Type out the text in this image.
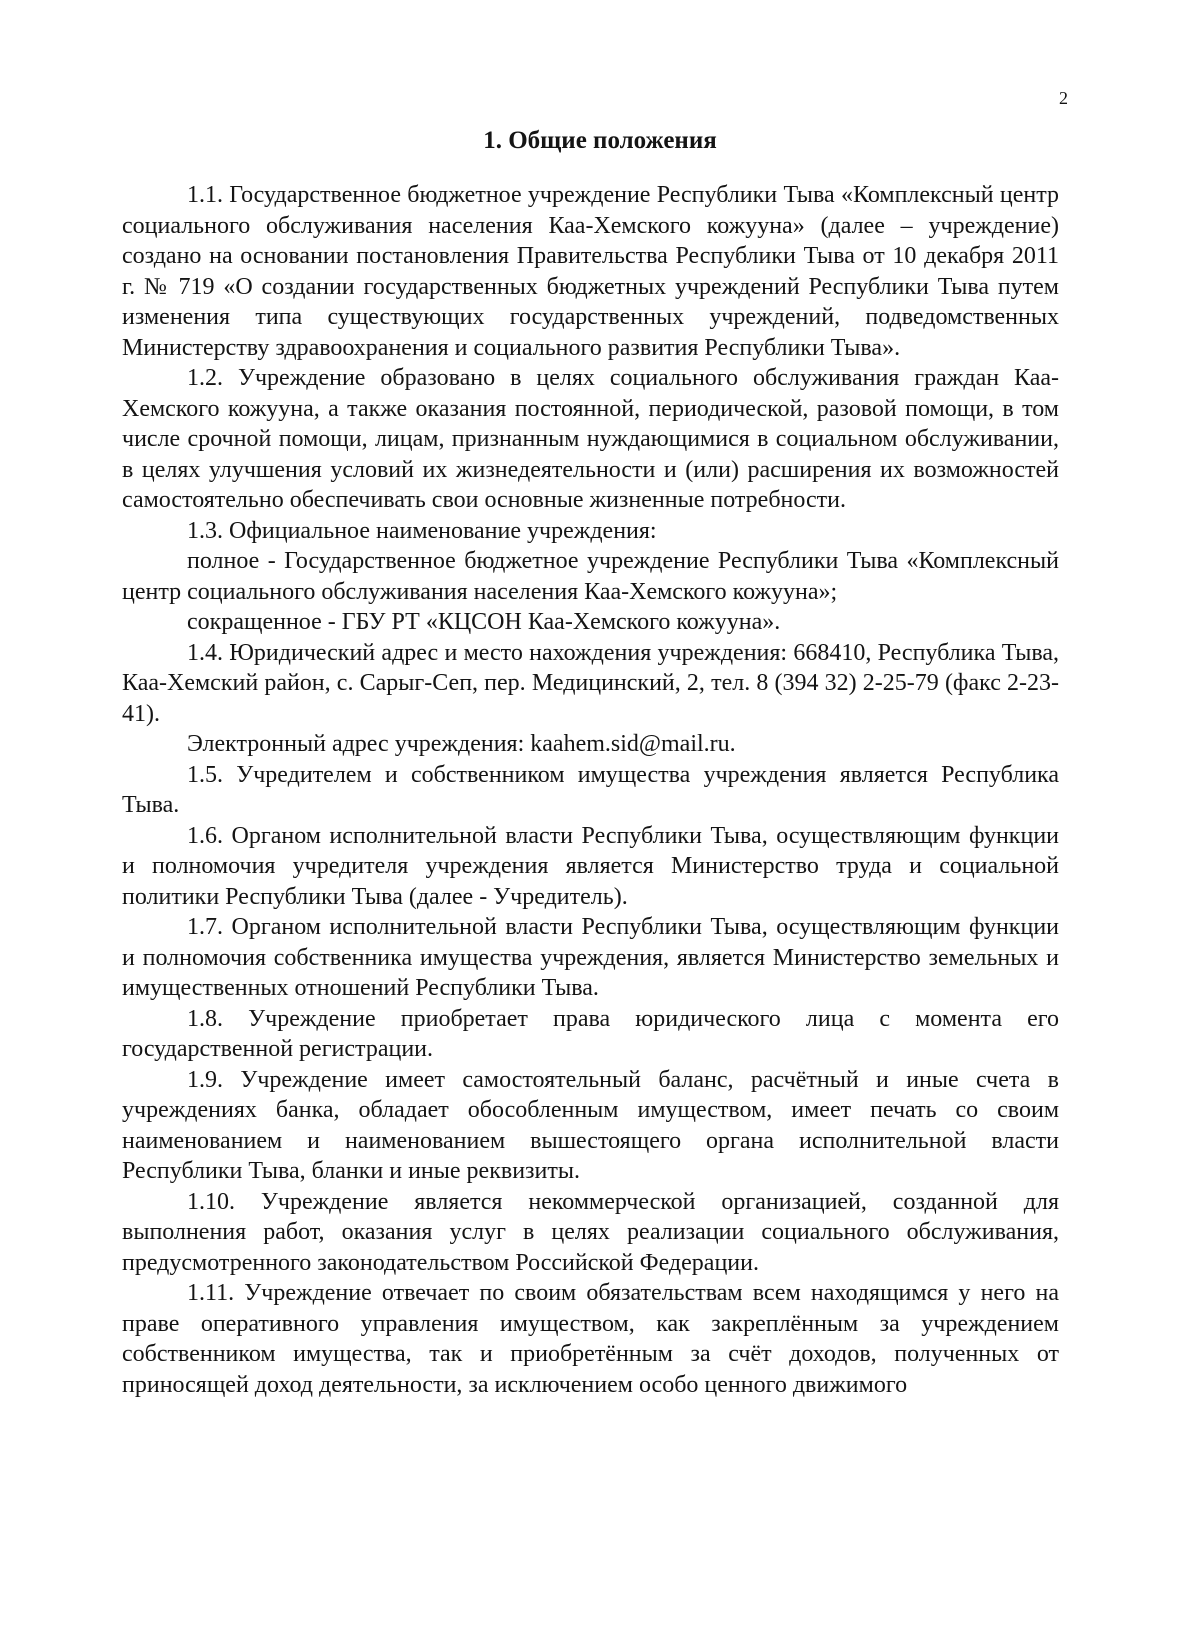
2
1. Общие положения

1.1. Государственное бюджетное учреждение Республики Тыва «Комплексный центр социального обслуживания населения Каа-Хемского кожууна» (далее – учреждение) создано на основании постановления Правительства Республики Тыва от 10 декабря 2011 г. № 719 «О создании государственных бюджетных учреждений Республики Тыва путем изменения типа существующих государственных учреждений, подведомственных Министерству здравоохранения и социального развития Республики Тыва».

1.2. Учреждение образовано в целях социального обслуживания граждан Каа-Хемского кожууна, а также оказания постоянной, периодической, разовой помощи, в том числе срочной помощи, лицам, признанным нуждающимися в социальном обслуживании, в целях улучшения условий их жизнедеятельности и (или) расширения их возможностей самостоятельно обеспечивать свои основные жизненные потребности.

1.3. Официальное наименование учреждения:

полное - Государственное бюджетное учреждение Республики Тыва «Комплексный центр социального обслуживания населения Каа-Хемского кожууна»;

сокращенное - ГБУ РТ «КЦСОН Каа-Хемского кожууна».

1.4. Юридический адрес и место нахождения учреждения: 668410, Республика Тыва, Каа-Хемский район, с. Сарыг-Сеп, пер. Медицинский, 2, тел. 8 (394 32) 2-25-79 (факс 2-23-41).

Электронный адрес учреждения: kaahem.sid@mail.ru.

1.5. Учредителем и собственником имущества учреждения является Республика Тыва.

1.6. Органом исполнительной власти Республики Тыва, осуществляющим функции и полномочия учредителя учреждения является Министерство труда и социальной политики Республики Тыва (далее - Учредитель).

1.7. Органом исполнительной власти Республики Тыва, осуществляющим функции и полномочия собственника имущества учреждения, является Министерство земельных и имущественных отношений Республики Тыва.

1.8. Учреждение приобретает права юридического лица с момента его государственной регистрации.

1.9. Учреждение имеет самостоятельный баланс, расчётный и иные счета в учреждениях банка, обладает обособленным имуществом, имеет печать со своим наименованием и наименованием вышестоящего органа исполнительной власти Республики Тыва, бланки и иные реквизиты.

1.10. Учреждение является некоммерческой организацией, созданной для выполнения работ, оказания услуг в целях реализации социального обслуживания, предусмотренного законодательством Российской Федерации.

1.11. Учреждение отвечает по своим обязательствам всем находящимся у него на праве оперативного управления имуществом, как закреплённым за учреждением собственником имущества, так и приобретённым за счёт доходов, полученных от приносящей доход деятельности, за исключением особо ценного движимого
